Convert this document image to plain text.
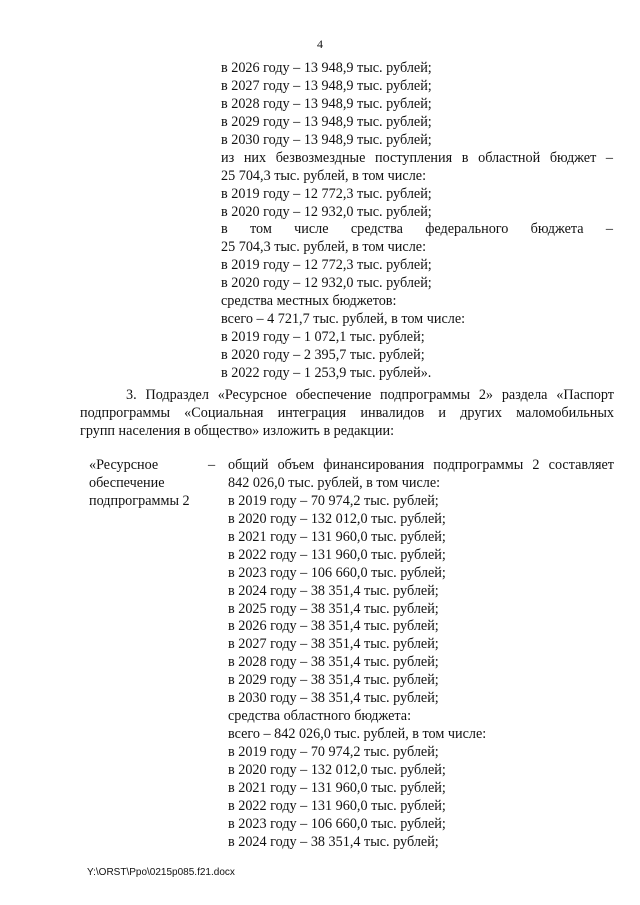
4
в 2026 году – 13 948,9 тыс. рублей;
в 2027 году – 13 948,9 тыс. рублей;
в 2028 году – 13 948,9 тыс. рублей;
в 2029 году – 13 948,9 тыс. рублей;
в 2030 году – 13 948,9 тыс. рублей;
из них безвозмездные поступления в областной бюджет –
25 704,3 тыс. рублей, в том числе:
в 2019 году – 12 772,3 тыс. рублей;
в 2020 году – 12 932,0 тыс. рублей;
в том числе средства федерального бюджета –
25 704,3 тыс. рублей, в том числе:
в 2019 году – 12 772,3 тыс. рублей;
в 2020 году – 12 932,0 тыс. рублей;
средства местных бюджетов:
всего – 4 721,7 тыс. рублей, в том числе:
в 2019 году – 1 072,1 тыс. рублей;
в 2020 году – 2 395,7 тыс. рублей;
в 2022 году – 1 253,9 тыс. рублей».
3. Подраздел «Ресурсное обеспечение подпрограммы 2» раздела «Паспорт
подпрограммы «Социальная интеграция инвалидов и других маломобильных
групп населения в общество» изложить в редакции:
«Ресурсное
обеспечение
подпрограммы 2
– общий объем финансирования подпрограммы 2 составляет
842 026,0 тыс. рублей, в том числе:
в 2019 году – 70 974,2 тыс. рублей;
в 2020 году – 132 012,0 тыс. рублей;
в 2021 году – 131 960,0 тыс. рублей;
в 2022 году – 131 960,0 тыс. рублей;
в 2023 году – 106 660,0 тыс. рублей;
в 2024 году – 38 351,4 тыс. рублей;
в 2025 году – 38 351,4 тыс. рублей;
в 2026 году – 38 351,4 тыс. рублей;
в 2027 году – 38 351,4 тыс. рублей;
в 2028 году – 38 351,4 тыс. рублей;
в 2029 году – 38 351,4 тыс. рублей;
в 2030 году – 38 351,4 тыс. рублей;
средства областного бюджета:
всего – 842 026,0 тыс. рублей, в том числе:
в 2019 году – 70 974,2 тыс. рублей;
в 2020 году – 132 012,0 тыс. рублей;
в 2021 году – 131 960,0 тыс. рублей;
в 2022 году – 131 960,0 тыс. рублей;
в 2023 году – 106 660,0 тыс. рублей;
в 2024 году – 38 351,4 тыс. рублей;
Y:\ORST\Ppo\0215p085.f21.docx
